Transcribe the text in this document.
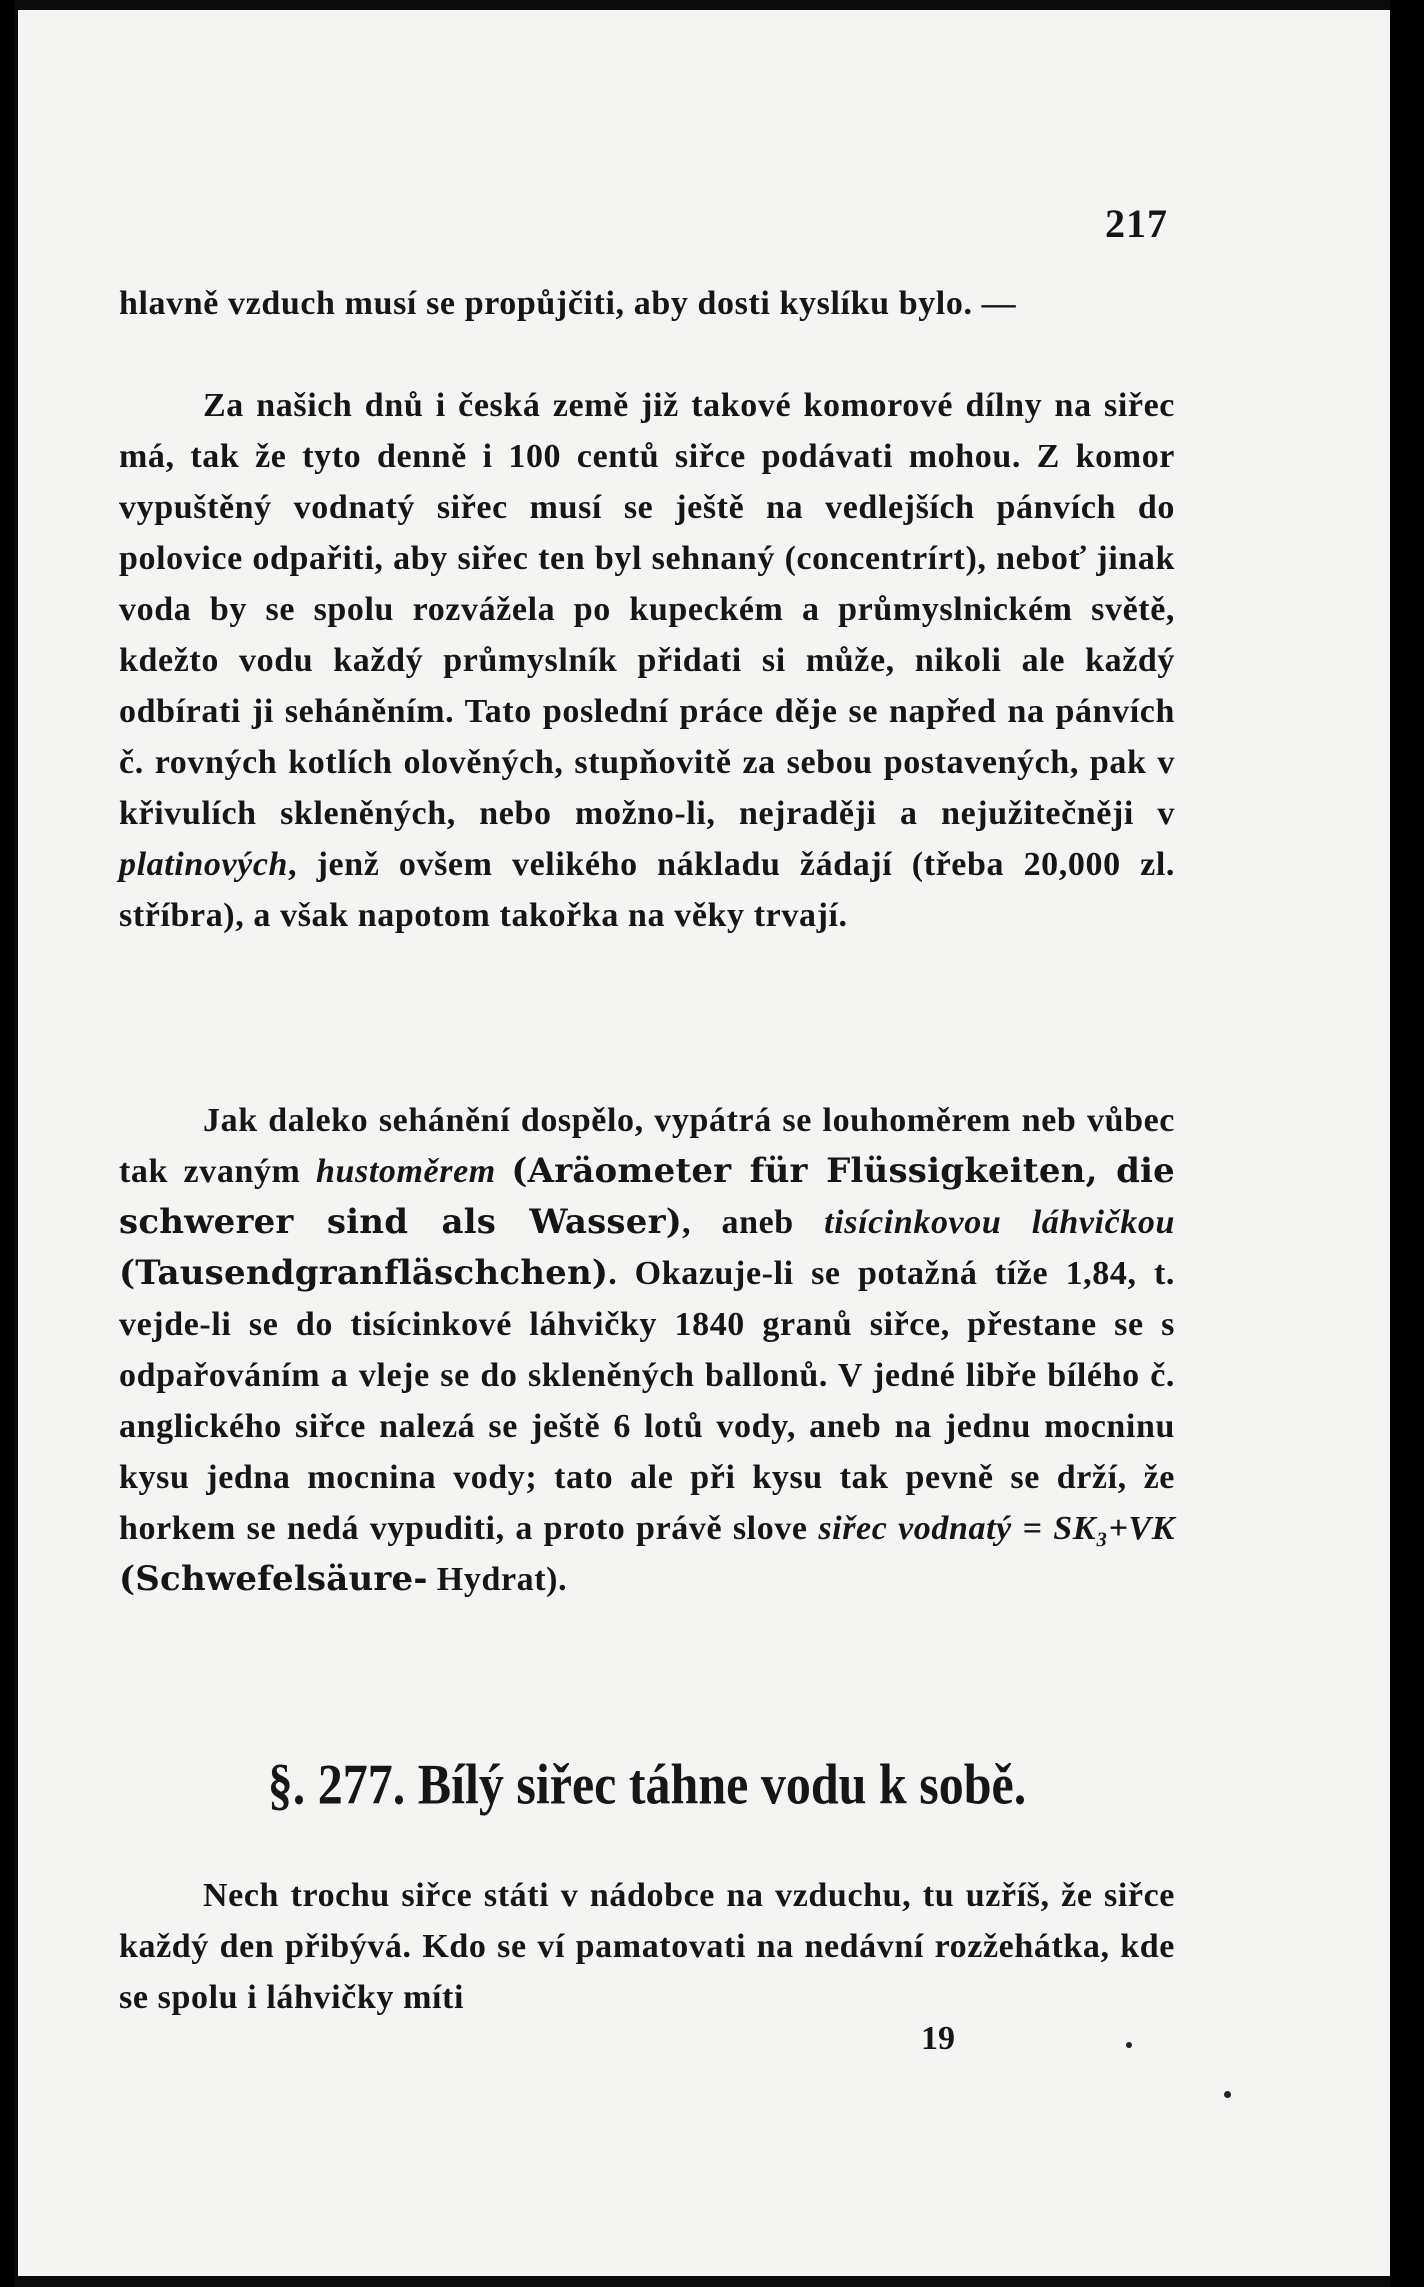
217

hlavně vzduch musí se propůjčiti, aby dosti kyslíku bylo. —

Za našich dnů i česká země již takové komorové dílny na siřec má, tak že tyto denně i 100 centů siřce podávati mohou. Z komor vypuštěný vodnatý siřec musí se ještě na vedlejších pánvích do polovice odpařiti, aby siřec ten byl sehnaný (concentrírt), neboť jinak voda by se spolu rozvážela po kupeckém a průmyslnickém světě, kdežto vodu každý průmyslník přidati si může, nikoli ale každý odbírati ji seháněním. Tato poslední práce děje se napřed na pánvích č. rovných kotlích olověných, stupňovitě za sebou postavených, pak v křivulích skleněných, nebo možno-li, nejraději a nejužitečněji v platinových, jenž ovšem velikého nákladu žádají (třeba 20,000 zl. stříbra), a však napotom takořka na věky trvají.

Jak daleko sehánění dospělo, vypátrá se louhoměrem neb vůbec tak zvaným hustoměrem (Aräometer für Flüssigkeiten, die schwerer sind als Wasser), aneb tisícinkovou láhvičkou (Tausendgranfläschchen). Okazuje-li se potažná tíže 1,84, t. vejde-li se do tisícinkové láhvičky 1840 granů siřce, přestane se s odpařováním a vleje se do skleněných ballonů. V jedné libře bílého č. anglického siřce nalezá se ještě 6 lotů vody, aneb na jednu mocninu kysu jedna mocnina vody; tato ale při kysu tak pevně se drží, že horkem se nedá vypuditi, a proto právě slove siřec vodnatý = SK₃+VK (Schwefelsäure- Hydrat).

§. 277. Bílý siřec táhne vodu k sobě.

Nech trochu siřce státi v nádobce na vzduchu, tu uzříš, že siřce každý den přibývá. Kdo se ví pamatovati na nedávní rozžehátka, kde se spolu i láhvičky míti

19
